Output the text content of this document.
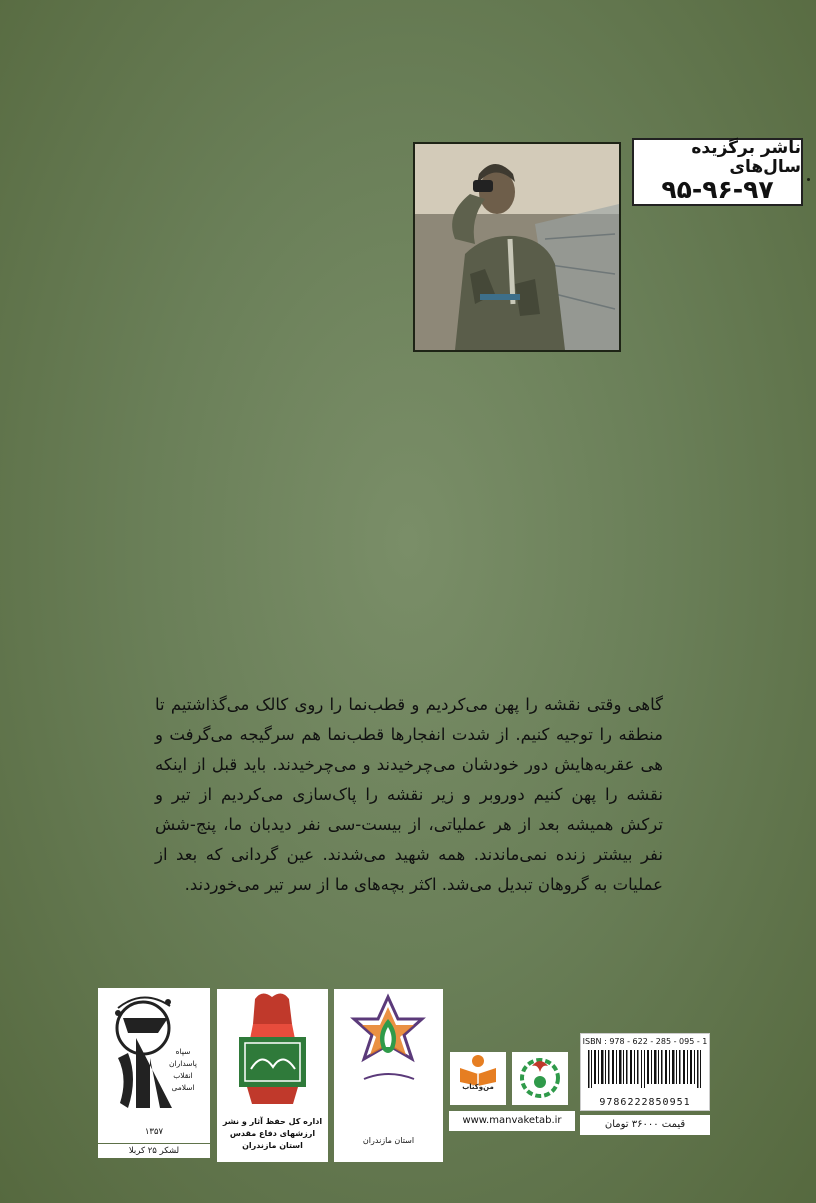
ناشر برگزیده سال‌های
۹۵-۹۶-۹۷
گاهی وقتی نقشه را پهن می‌کردیم و قطب‌نما را روی کالک می‌گذاشتیم تا منطقه را توجیه کنیم. از شدت انفجارها قطب‌نما هم سرگیجه می‌گرفت و هی عقربه‌هایش دور خودشان می‌چرخیدند و می‌چرخیدند. باید قبل از اینکه نقشه را پهن کنیم دوروبر و زیر نقشه را پاک‌سازی می‌کردیم از تیر و ترکش همیشه بعد از هر عملیاتی، از بیست-سی نفر دیدبان ما، پنج-شش نفر بیشتر زنده نمی‌ماندند. همه شهید می‌شدند. عین گردانی که بعد از عملیات به گروهان تبدیل می‌شد. اکثر بچه‌های ما از سر تیر می‌خوردند.
سپاه پاسداران انقلاب اسلامی
۱۳۵۷
لشکر ۲۵ کربلا
اداره کل حفظ آثار و نشر ارزشهای دفاع مقدس استان مازندران
استان مازندران
من‌وکتاب
www.manvaketab.ir
ISBN : 978 - 622 - 285 - 095 - 1
9786222850951
قیمت ۳۶۰۰۰ تومان
